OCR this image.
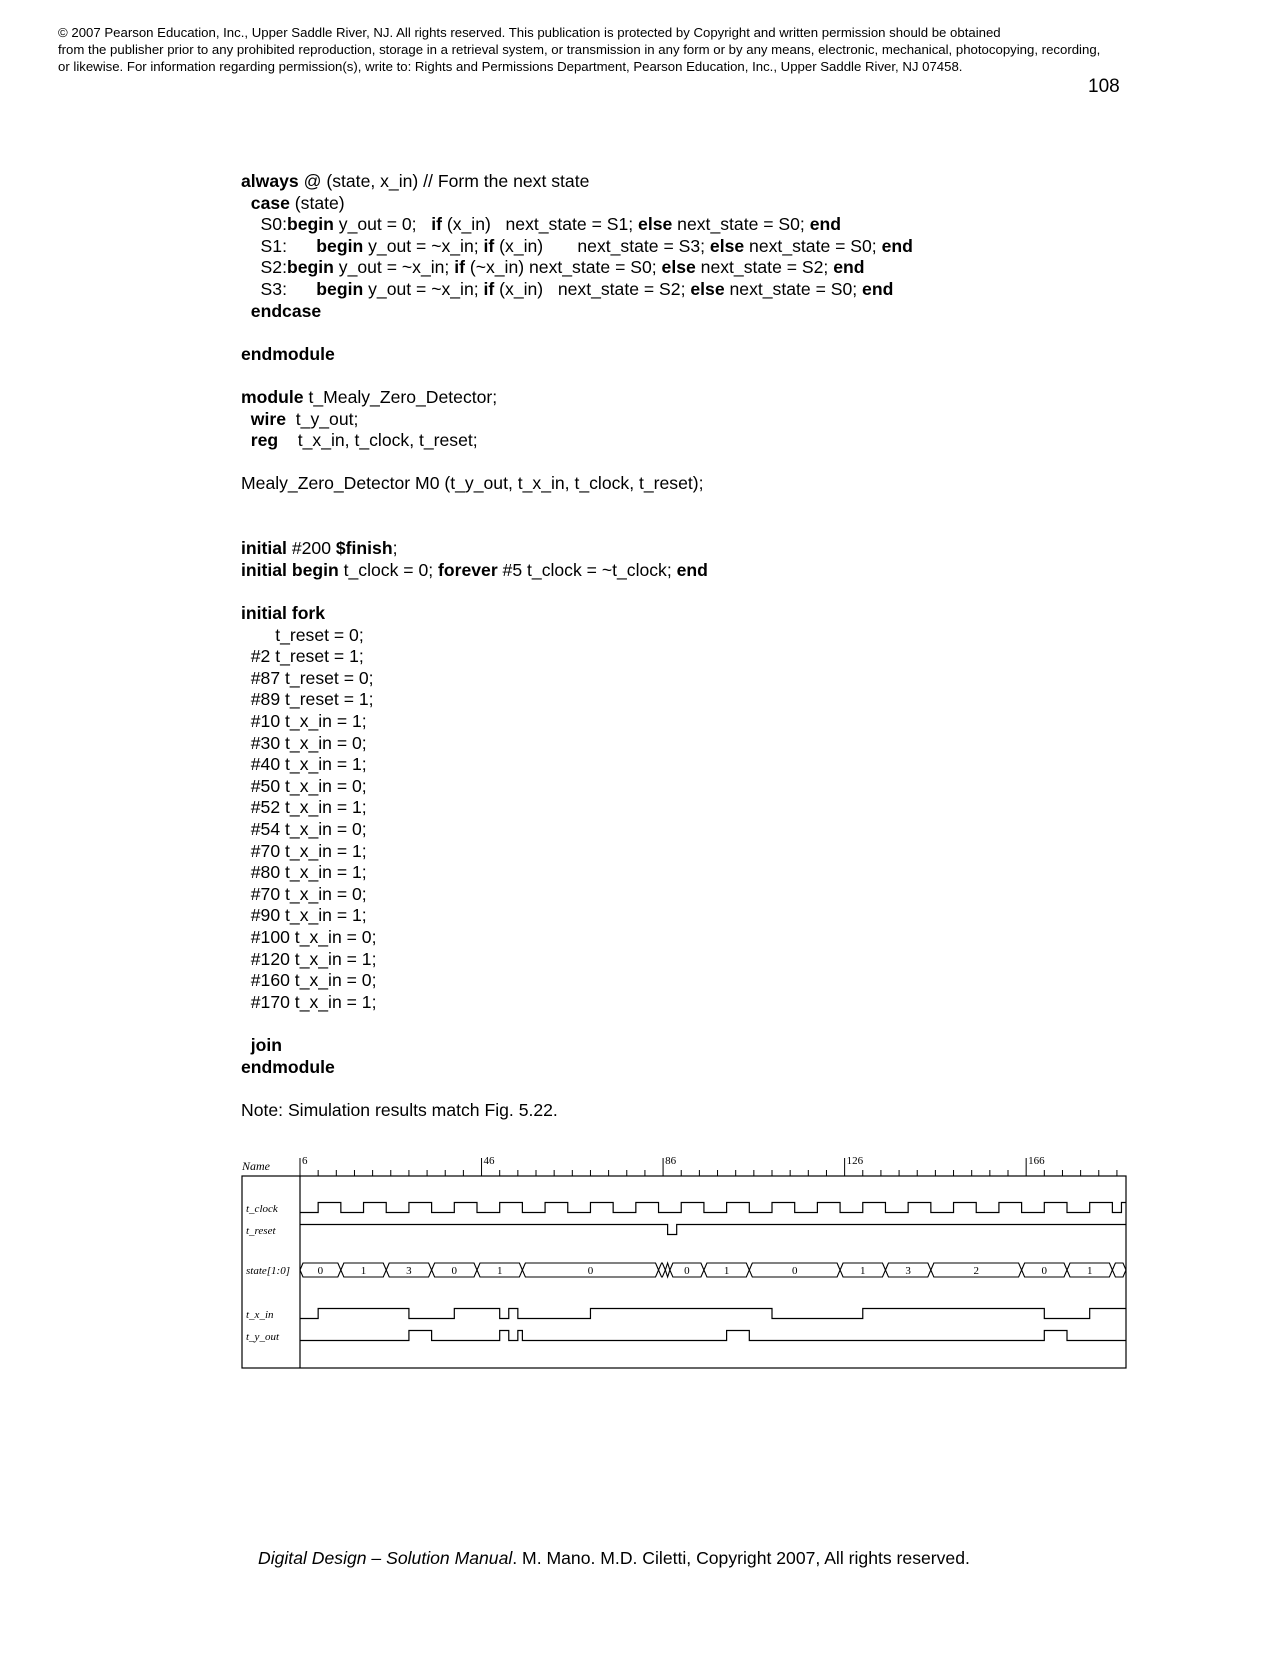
© 2007 Pearson Education, Inc., Upper Saddle River, NJ. All rights reserved. This publication is protected by Copyright and written permission should be obtained
from the publisher prior to any prohibited reproduction, storage in a retrieval system, or transmission in any form or by any means, electronic, mechanical, photocopying, recording,
or likewise. For information regarding permission(s), write to: Rights and Permissions Department, Pearson Education, Inc., Upper Saddle River, NJ 07458.
108
always @ (state, x_in) // Form the next state
case (state)
S0:begin y_out = 0;   if (x_in)   next_state = S1; else next_state = S0; end
S1:      begin y_out = ~x_in; if (x_in)       next_state = S3; else next_state = S0; end
S2:begin y_out = ~x_in; if (~x_in) next_state = S0; else next_state = S2; end
S3:      begin y_out = ~x_in; if (x_in)   next_state = S2; else next_state = S0; end
endcase
endmodule
module t_Mealy_Zero_Detector;
wire  t_y_out;
reg    t_x_in, t_clock, t_reset;
Mealy_Zero_Detector M0 (t_y_out, t_x_in, t_clock, t_reset);
initial #200 $finish;
initial begin t_clock = 0; forever #5 t_clock = ~t_clock; end
initial fork
t_reset = 0;
#2 t_reset = 1;
#87 t_reset = 0;
#89 t_reset = 1;
#10 t_x_in = 1;
#30 t_x_in = 0;
#40 t_x_in = 1;
#50 t_x_in = 0;
#52 t_x_in = 1;
#54 t_x_in = 0;
#70 t_x_in = 1;
#80 t_x_in = 1;
#70 t_x_in = 0;
#90 t_x_in = 1;
#100 t_x_in = 0;
#120 t_x_in = 1;
#160 t_x_in = 0;
#170 t_x_in = 1;
join
endmodule
Note: Simulation results match Fig. 5.22.
Name	6	46	86	126	166
t_clock
t_reset
state[1:0]	0	1	3	0	1	0	0	1	0	1	3	2	0	1
t_x_in
t_y_out
Digital Design – Solution Manual. M. Mano. M.D. Ciletti, Copyright 2007, All rights reserved.
